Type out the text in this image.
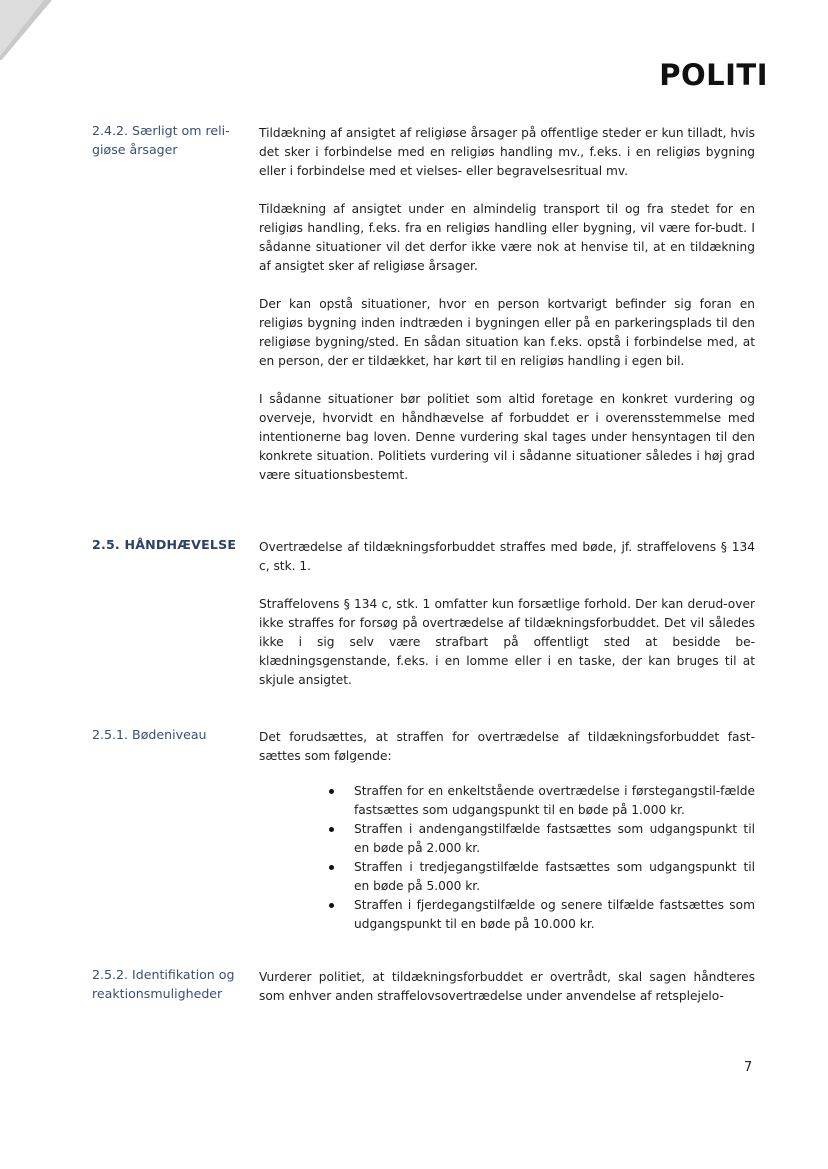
POLITI
2.4.2. Særligt om reli-
giøse årsager

Tildækning af ansigtet af religiøse årsager på offentlige steder er kun tilladt, hvis det sker i forbindelse med en religiøs handling mv., f.eks. i en religiøs bygning eller i forbindelse med et vielses- eller begravelsesritual mv.

Tildækning af ansigtet under en almindelig transport til og fra stedet for en religiøs handling, f.eks. fra en religiøs handling eller bygning, vil være for-budt. I sådanne situationer vil det derfor ikke være nok at henvise til, at en tildækning af ansigtet sker af religiøse årsager.

Der kan opstå situationer, hvor en person kortvarigt befinder sig foran en religiøs bygning inden indtræden i bygningen eller på en parkeringsplads til den religiøse bygning/sted. En sådan situation kan f.eks. opstå i forbindelse med, at en person, der er tildækket, har kørt til en religiøs handling i egen bil.

I sådanne situationer bør politiet som altid foretage en konkret vurdering og overveje, hvorvidt en håndhævelse af forbuddet er i overensstemmelse med intentionerne bag loven. Denne vurdering skal tages under hensyntagen til den konkrete situation. Politiets vurdering vil i sådanne situationer således i høj grad være situationsbestemt.

2.5. HÅNDHÆVELSE	Overtrædelse af tildækningsforbuddet straffes med bøde, jf. straffelovens § 134 c, stk. 1.

Straffelovens § 134 c, stk. 1 omfatter kun forsætlige forhold. Der kan derud-over ikke straffes for forsøg på overtrædelse af tildækningsforbuddet. Det vil således ikke i sig selv være strafbart på offentligt sted at besidde be-klædningsgenstande, f.eks. i en lomme eller i en taske, der kan bruges til at skjule ansigtet.

2.5.1. Bødeniveau	Det forudsættes, at straffen for overtrædelse af tildækningsforbuddet fast-sættes som følgende:

Straffen for en enkeltstående overtrædelse i førstegangstil-fælde fastsættes som udgangspunkt til en bøde på 1.000 kr.
Straffen i andengangstilfælde fastsættes som udgangspunkt til en bøde på 2.000 kr.
Straffen i tredjegangstilfælde fastsættes som udgangspunkt til en bøde på 5.000 kr.
Straffen i fjerdegangstilfælde og senere tilfælde fastsættes som udgangspunkt til en bøde på 10.000 kr.
2.5.2. Identifikation og
reaktionsmuligheder

Vurderer politiet, at tildækningsforbuddet er overtrådt, skal sagen håndteres som enhver anden straffelovsovertrædelse under anvendelse af retsplejelo-

7
